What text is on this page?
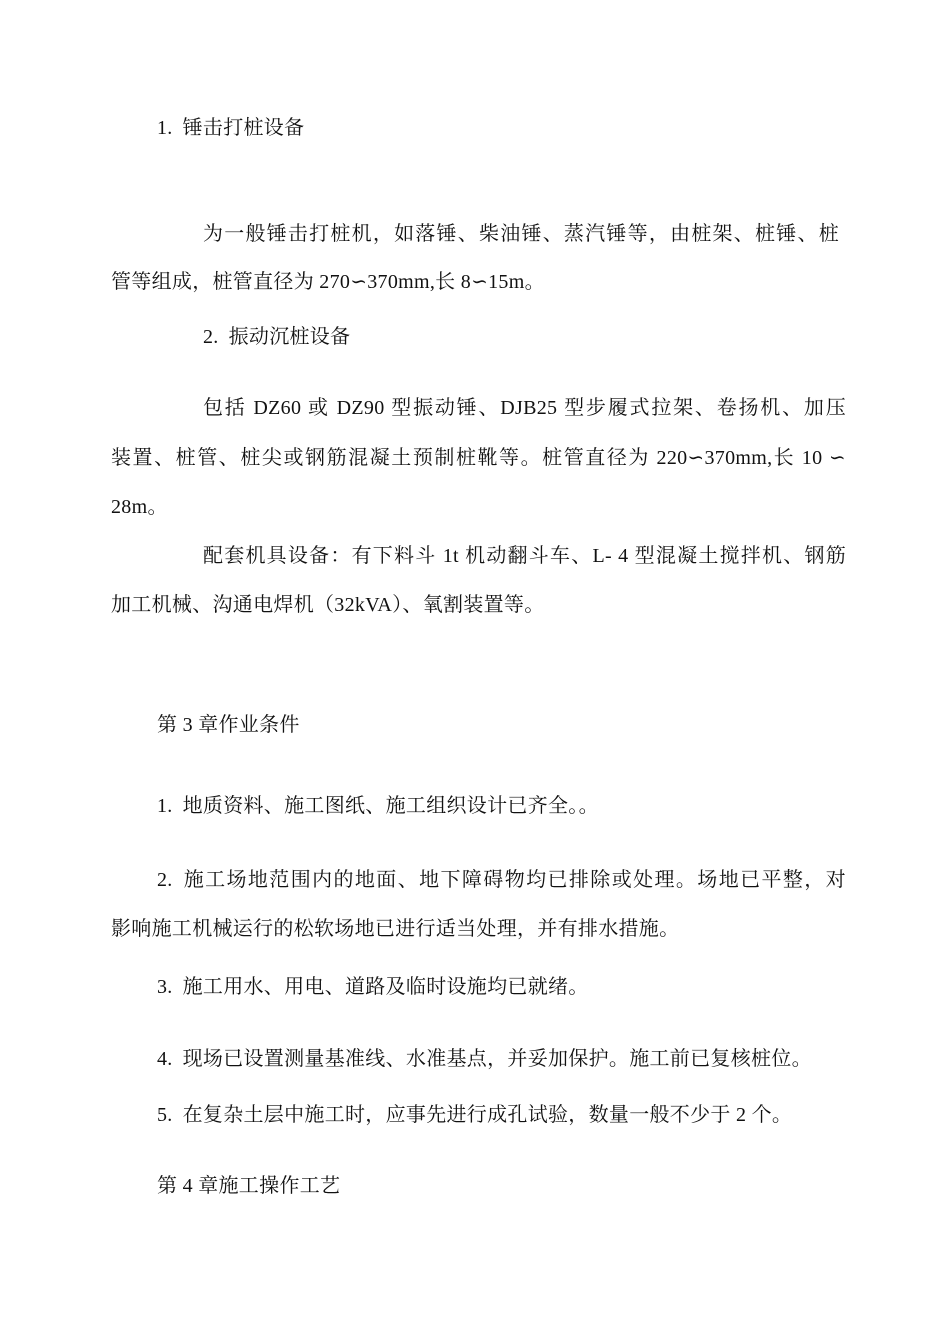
1. 锤击打桩设备
为一般锤击打桩机，如落锤、柴油锤、蒸汽锤等，由桩架、桩锤、桩
管等组成，桩管直径为 270∽370mm,长 8∽15m。
2. 振动沉桩设备
包括 DZ60 或 DZ90 型振动锤、DJB25 型步履式拉架、卷扬机、加压
装置、桩管、桩尖或钢筋混凝土预制桩靴等。桩管直径为 220∽370mm,长 10 ∽
28m。
配套机具设备：有下料斗 1t 机动翻斗车、L- 4 型混凝土搅拌机、钢筋
加工机械、沟通电焊机（32kVA）、氧割装置等。
第 3 章作业条件
1. 地质资料、施工图纸、施工组织设计已齐全。。
2. 施工场地范围内的地面、地下障碍物均已排除或处理。场地已平整，对
影响施工机械运行的松软场地已进行适当处理，并有排水措施。
3. 施工用水、用电、道路及临时设施均已就绪。
4. 现场已设置测量基准线、水准基点，并妥加保护。施工前已复核桩位。
5. 在复杂土层中施工时，应事先进行成孔试验，数量一般不少于 2 个。
第 4 章施工操作工艺
